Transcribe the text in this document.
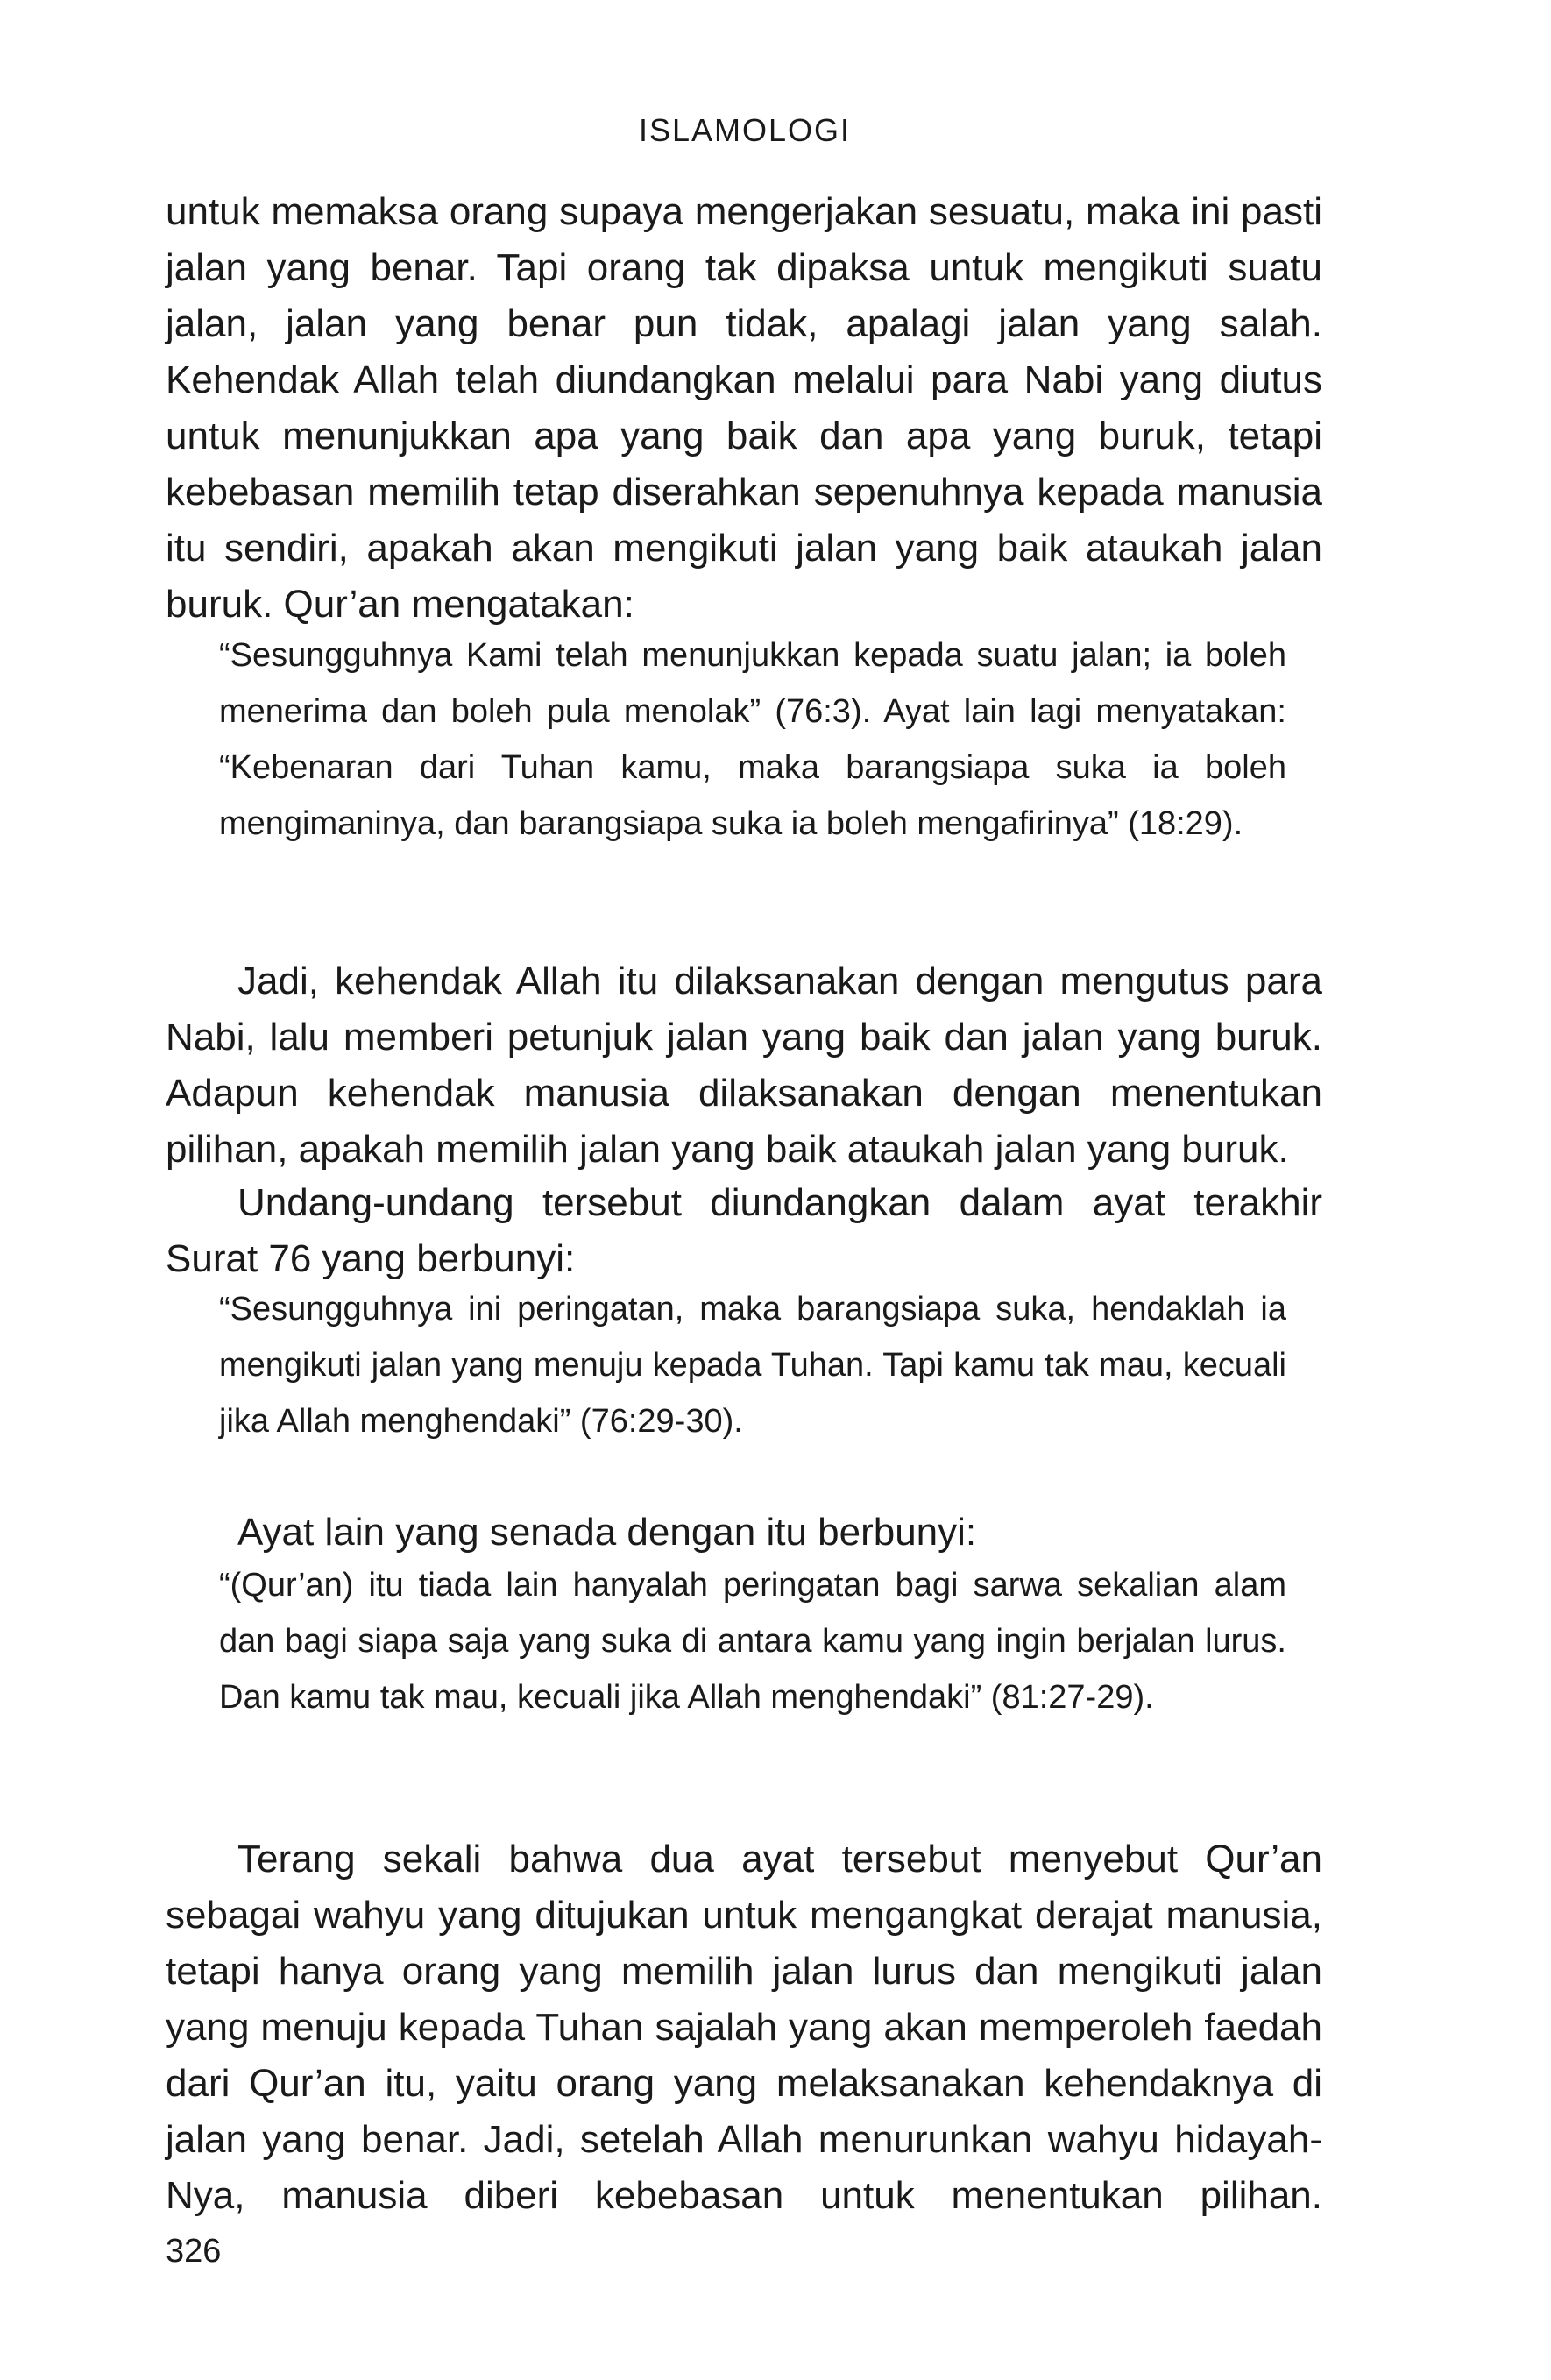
ISLAMOLOGI

untuk memaksa orang supaya mengerjakan sesuatu, maka ini pasti jalan yang benar. Tapi orang tak dipaksa untuk mengikuti suatu jalan, jalan yang benar pun tidak, apalagi jalan yang salah. Kehendak Allah telah diundangkan melalui para Nabi yang diutus untuk menunjukkan apa yang baik dan apa yang buruk, tetapi kebebasan memilih tetap diserahkan sepenuhnya kepada manusia itu sendiri, apakah akan mengikuti jalan yang baik ataukah jalan buruk. Qur’an mengatakan:

“Sesungguhnya Kami telah menunjukkan kepada suatu jalan; ia boleh menerima dan boleh pula menolak” (76:3). Ayat lain lagi menyatakan: “Kebenaran dari Tuhan kamu, maka barangsiapa suka ia boleh mengimaninya, dan barangsiapa suka ia boleh mengafirinya” (18:29).

Jadi, kehendak Allah itu dilaksanakan dengan mengutus para Nabi, lalu memberi petunjuk jalan yang baik dan jalan yang buruk. Adapun kehendak manusia dilaksanakan dengan menentukan pilihan, apakah memilih jalan yang baik ataukah jalan yang buruk.

Undang-undang tersebut diundangkan dalam ayat terakhir Surat 76 yang berbunyi:

“Sesungguhnya ini peringatan, maka barangsiapa suka, hendaklah ia mengikuti jalan yang menuju kepada Tuhan. Tapi kamu tak mau, kecuali jika Allah menghendaki” (76:29-30).

Ayat lain yang senada dengan itu berbunyi:

“(Qur’an) itu tiada lain hanyalah peringatan bagi sarwa sekalian alam dan bagi siapa saja yang suka di antara kamu yang ingin berjalan lurus. Dan kamu tak mau, kecuali jika Allah menghendaki” (81:27-29).

Terang sekali bahwa dua ayat tersebut menyebut Qur’an sebagai wahyu yang ditujukan untuk mengangkat derajat manusia, tetapi hanya orang yang memilih jalan lurus dan mengikuti jalan yang menuju kepada Tuhan sajalah yang akan memperoleh faedah dari Qur’an itu, yaitu orang yang melaksanakan kehendaknya di jalan yang benar. Jadi, setelah Allah menurunkan wahyu hidayah-Nya, manusia diberi kebebasan untuk menentukan pilihan.

326
